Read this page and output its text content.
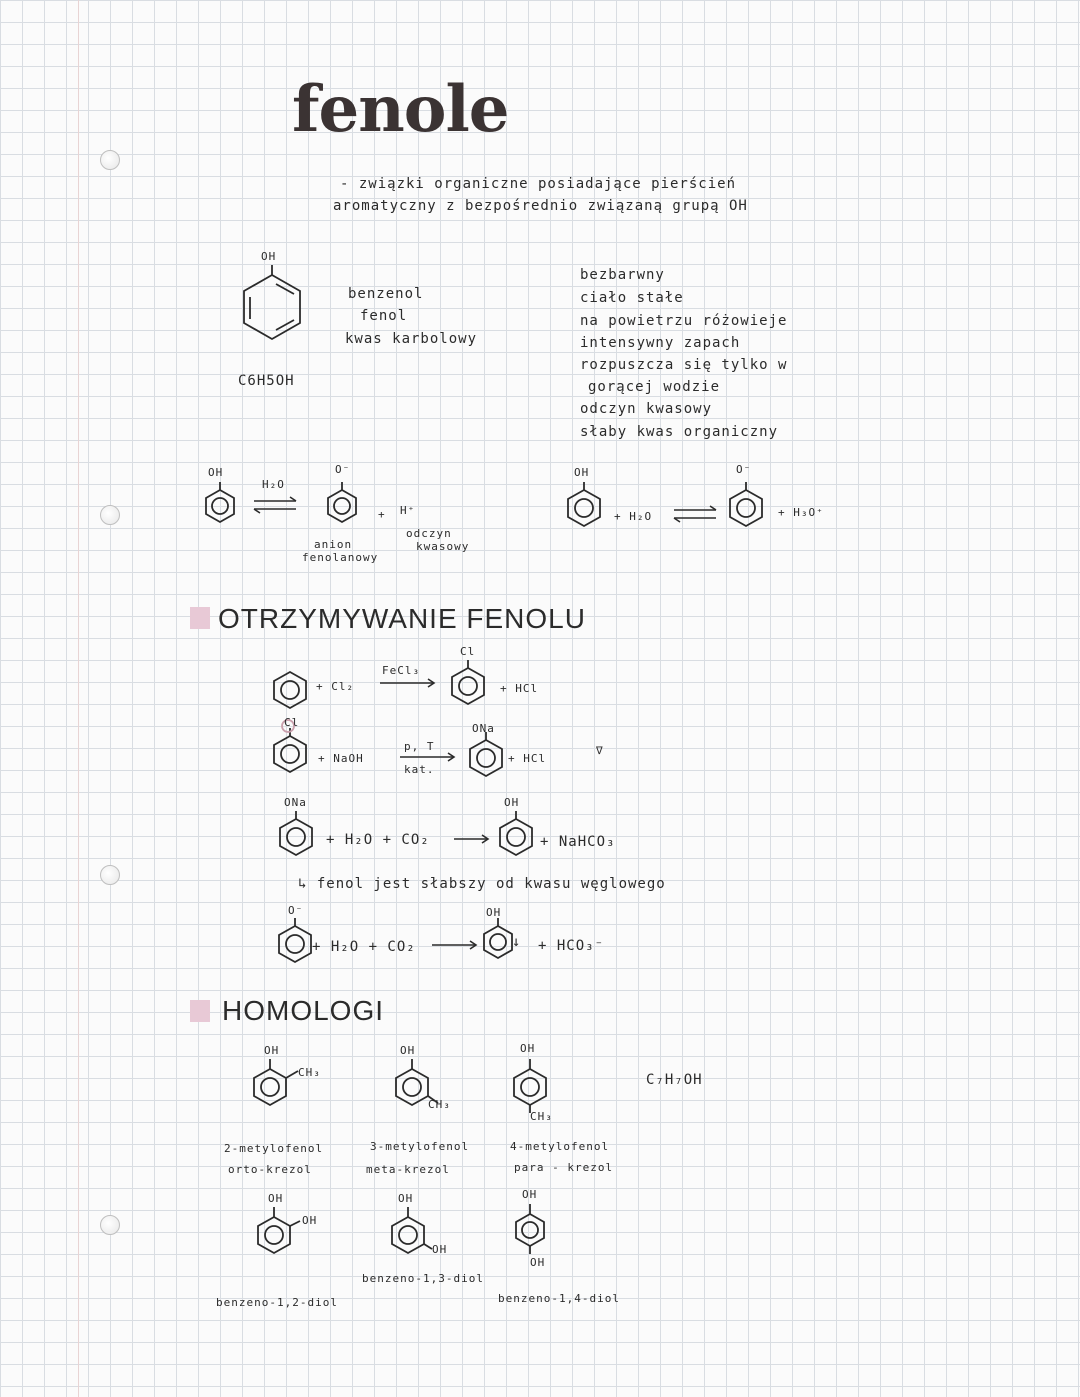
fenole
- związki organiczne posiadające pierścień
aromatyczny z bezpośrednio związaną grupą OH
OH
C6H5OH
benzenol
fenol
kwas karbolowy
bezbarwny
ciało stałe
na powietrzu różowieje
intensywny zapach
rozpuszcza się tylko w
gorącej wodzie
odczyn kwasowy
słaby kwas organiczny
OH
H₂O
O⁻
+ H⁺
odczyn
kwasowy
anion
fenolanowy
OH
+ H₂O ⇌
O⁻
+ H₃O⁺
OTRZYMYWANIE FENOLU
+ Cl₂
FeCl₃
Cl
+ HCl
Cl
+ NaOH
p, T
kat.
ONa
+ HCl
∇
ONa
+ H₂O + CO₂ →
OH
+ NaHCO₃
↳ fenol jest słabszy od kwasu węglowego
O⁻
+ H₂O + CO₂ →
OH
↓ + HCO₃⁻
HOMOLOGI
C₇H₇OH
OH
CH₃
2-metylofenol
orto-krezol
OH
CH₃
3-metylofenol
meta-krezol
OH
CH₃
4-metylofenol
para - krezol
OH
OH
benzeno-1,2-diol
OH
OH
benzeno-1,3-diol
OH
OH
benzeno-1,4-diol
